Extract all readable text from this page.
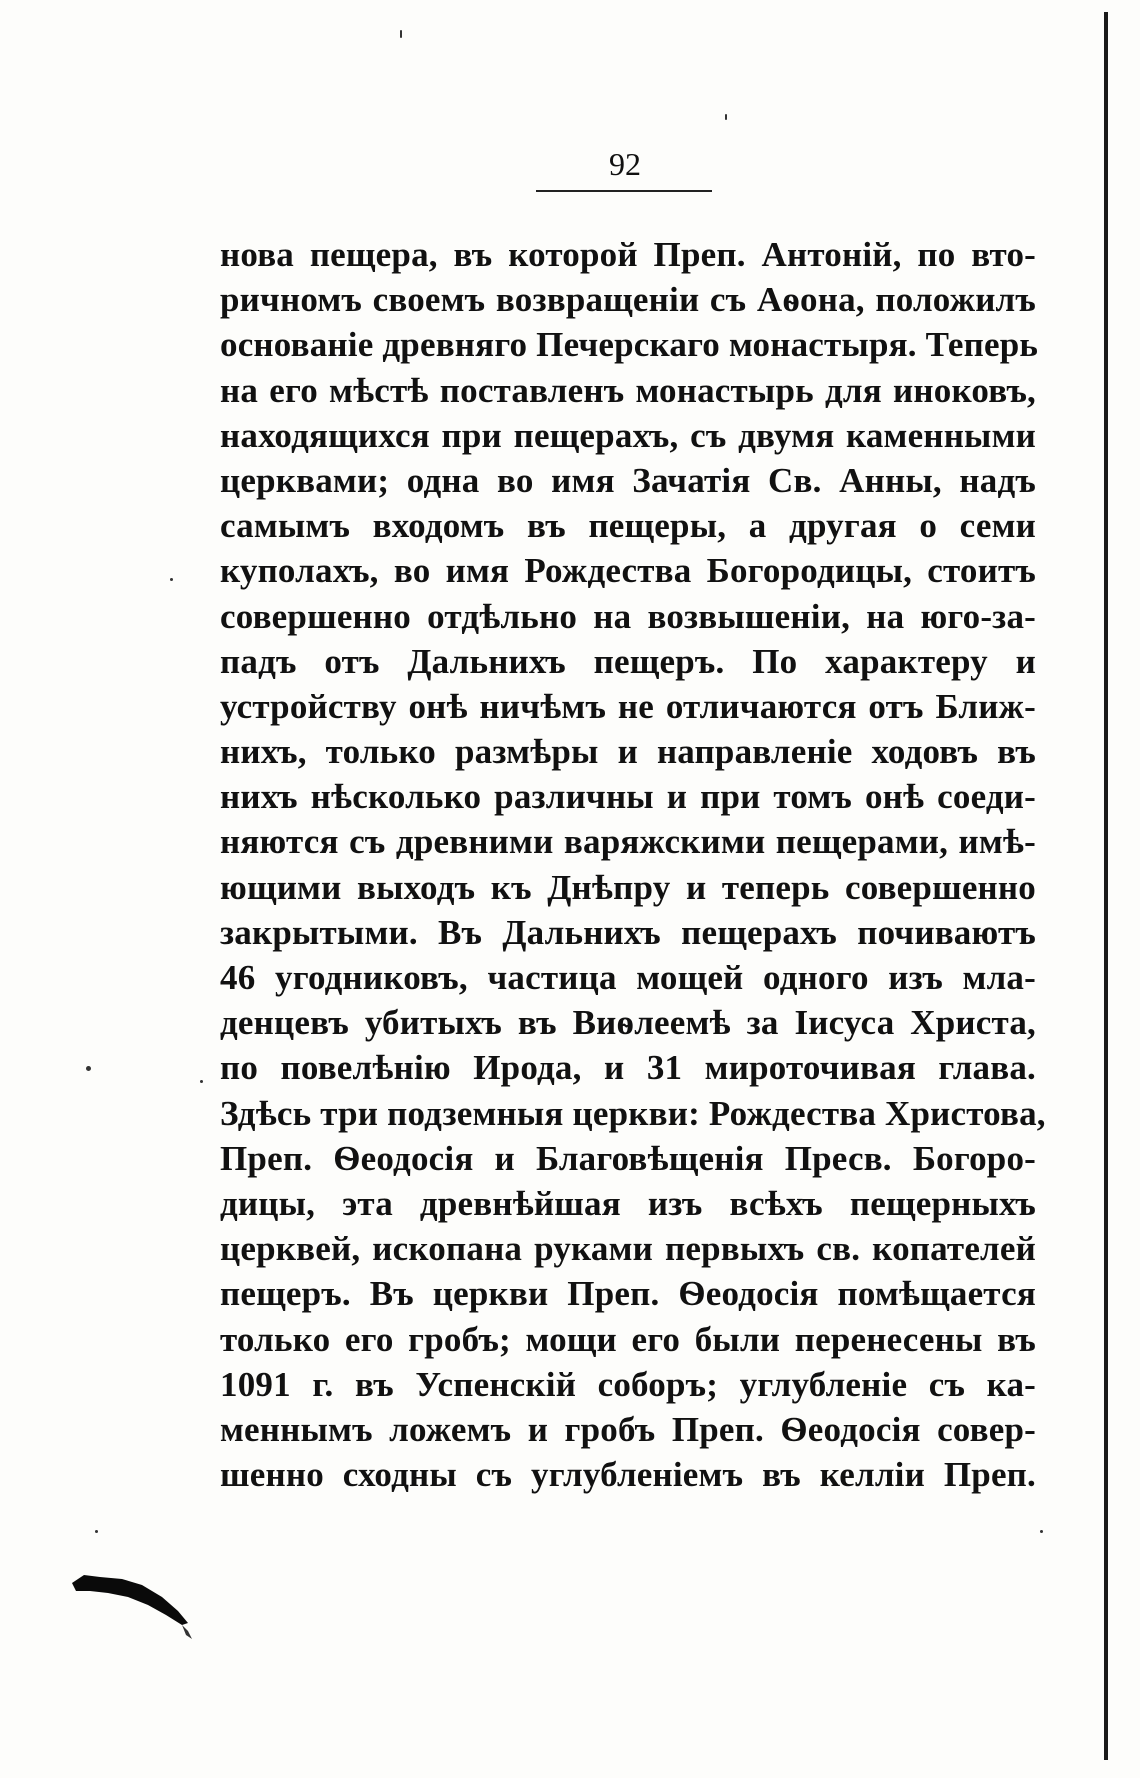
92
нова пещера, въ которой Преп. Антоній, по вто-
ричномъ своемъ возвращеніи съ Аѳона, положилъ
основаніе древняго Печерскаго монастыря. Теперь
на его мѣстѣ поставленъ монастырь для иноковъ,
находящихся при пещерахъ, съ двумя каменными
церквами; одна во имя Зачатія Св. Анны, надъ
самымъ входомъ въ пещеры, а другая о семи
куполахъ, во имя Рождества Богородицы, стоитъ
совершенно отдѣльно на возвышеніи, на юго-за-
падъ отъ Дальнихъ пещеръ. По характеру и
устройству онѣ ничѣмъ не отличаются отъ Ближ-
нихъ, только размѣры и направленіе ходовъ въ
нихъ нѣсколько различны и при томъ онѣ соеди-
няются съ древними варяжскими пещерами, имѣ-
ющими выходъ къ Днѣпру и теперь совершенно
закрытыми. Въ Дальнихъ пещерахъ почиваютъ
46 угодниковъ, частица мощей одного изъ мла-
денцевъ убитыхъ въ Виѳлеемѣ за Іисуса Христа,
по повелѣнію Ирода, и 31 мироточивая глава.
Здѣсь три подземныя церкви: Рождества Христова,
Преп. Ѳеодосія и Благовѣщенія Пресв. Богоро-
дицы, эта древнѣйшая изъ всѣхъ пещерныхъ
церквей, ископана руками первыхъ св. копателей
пещеръ. Въ церкви Преп. Ѳеодосія помѣщается
только его гробъ; мощи его были перенесены въ
1091 г. въ Успенскій соборъ; углубленіе съ ка-
меннымъ ложемъ и гробъ Преп. Ѳеодосія совер-
шенно сходны съ углубленіемъ въ келліи Преп.
